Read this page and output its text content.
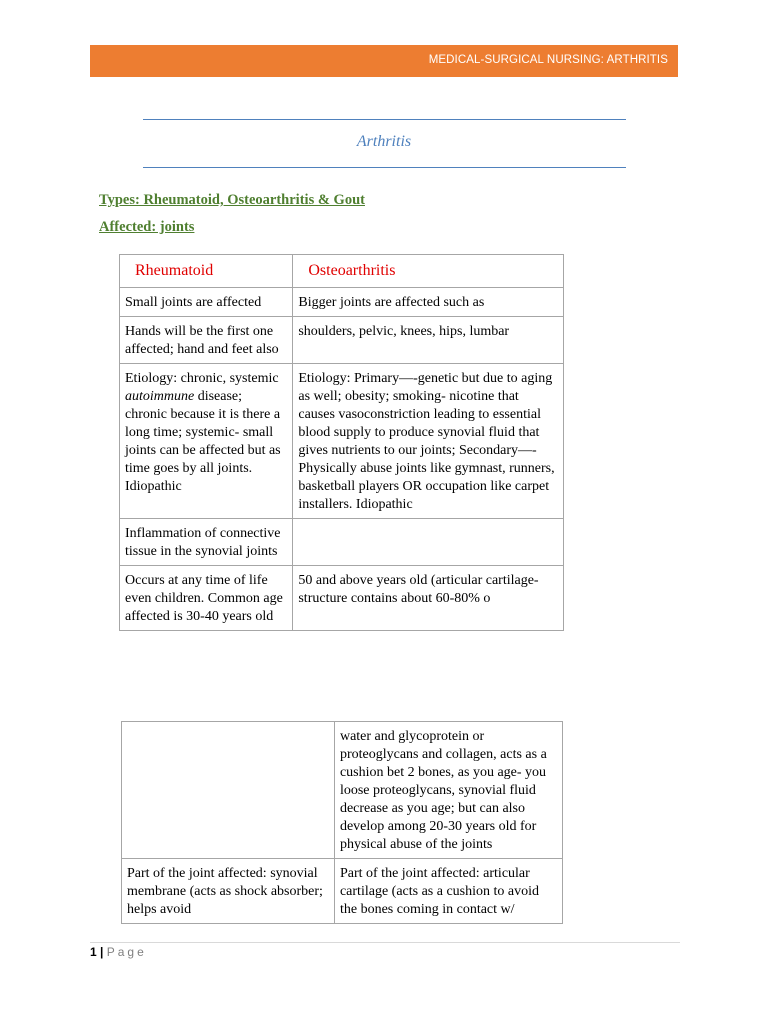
MEDICAL-SURGICAL NURSING: ARTHRITIS
Arthritis
Types: Rheumatoid, Osteoarthritis & Gout
Affected: joints
Rheumatoid	Osteoarthritis
Small joints are affected	Bigger joints are affected such as
Hands will be the first one affected; hand and feet also	shoulders, pelvic, knees, hips, lumbar
Etiology: chronic, systemic autoimmune disease; chronic because it is there a long time; systemic- small joints can be affected but as time goes by all joints. Idiopathic	Etiology: Primary—-genetic but due to aging as well; obesity; smoking- nicotine that causes vasoconstriction leading to essential blood supply to produce synovial fluid that gives nutrients to our joints; Secondary—-Physically abuse joints like gymnast, runners, basketball players OR occupation like carpet installers. Idiopathic
Inflammation of connective tissue in the synovial joints	
Occurs at any time of life even children. Common age affected is 30-40 years old	50 and above years old (articular cartilage-structure contains about 60-80% o
	water and glycoprotein or proteoglycans and collagen, acts as a cushion bet 2 bones, as you age- you loose proteoglycans, synovial fluid decrease as you age; but can also develop among 20-30 years old for physical abuse of the joints
Part of the joint affected: synovial membrane (acts as shock absorber; helps avoid	Part of the joint affected: articular cartilage (acts as a cushion to avoid the bones coming in contact w/
1 | Page
